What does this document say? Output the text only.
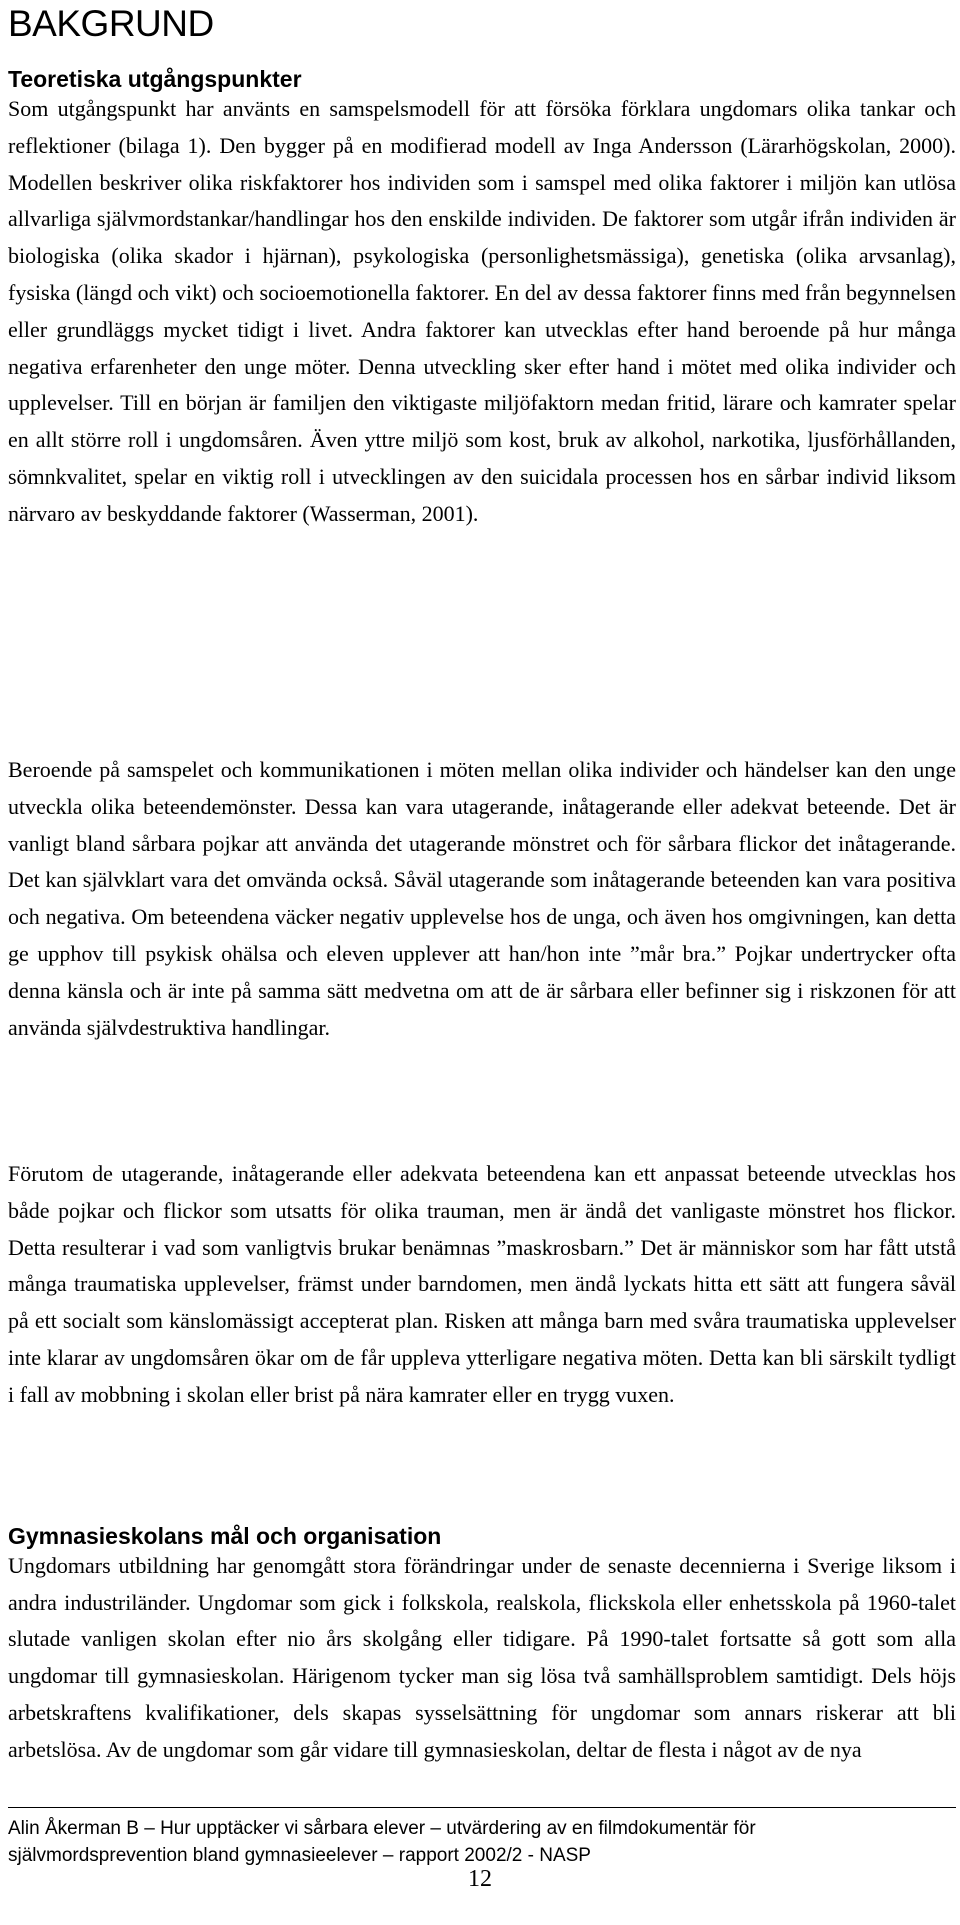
BAKGRUND
Teoretiska utgångspunkter

Som utgångspunkt har använts en samspelsmodell för att försöka förklara ungdomars olika tankar och reflektioner (bilaga 1). Den bygger på en modifierad modell av Inga Andersson (Lärarhögskolan, 2000). Modellen beskriver olika riskfaktorer hos individen som i samspel med olika faktorer i miljön kan utlösa allvarliga självmordstankar/handlingar hos den enskilde individen. De faktorer som utgår ifrån individen är biologiska (olika skador i hjärnan), psykologiska (personlighetsmässiga), genetiska (olika arvsanlag), fysiska (längd och vikt) och socioemotionella faktorer. En del av dessa faktorer finns med från begynnelsen eller grundläggs mycket tidigt i livet. Andra faktorer kan utvecklas efter hand beroende på hur många negativa erfarenheter den unge möter. Denna utveckling sker efter hand i mötet med olika individer och upplevelser. Till en början är familjen den viktigaste miljöfaktorn medan fritid, lärare och kamrater spelar en allt större roll i ungdomsåren. Även yttre miljö som kost, bruk av alkohol, narkotika, ljusförhållanden, sömnkvalitet, spelar en viktig roll i utvecklingen av den suicidala processen hos en sårbar individ liksom närvaro av beskyddande faktorer (Wasserman, 2001).

Beroende på samspelet och kommunikationen i möten mellan olika individer och händelser kan den unge utveckla olika beteendemönster. Dessa kan vara utagerande, inåtagerande eller adekvat beteende. Det är vanligt bland sårbara pojkar att använda det utagerande mönstret och för sårbara flickor det inåtagerande. Det kan självklart vara det omvända också. Såväl utagerande som inåtagerande beteenden kan vara positiva och negativa. Om beteendena väcker negativ upplevelse hos de unga, och även hos omgivningen, kan detta ge upphov till psykisk ohälsa och eleven upplever att han/hon inte ”mår bra.” Pojkar undertrycker ofta denna känsla och är inte på samma sätt medvetna om att de är sårbara eller befinner sig i riskzonen för att använda självdestruktiva handlingar.

Förutom de utagerande, inåtagerande eller adekvata beteendena kan ett anpassat beteende utvecklas hos både pojkar och flickor som utsatts för olika trauman, men är ändå det vanligaste mönstret hos flickor. Detta resulterar i vad som vanligtvis brukar benämnas ”maskrosbarn.” Det är människor som har fått utstå många traumatiska upplevelser, främst under barndomen, men ändå lyckats hitta ett sätt att fungera såväl på ett socialt som känslomässigt accepterat plan. Risken att många barn med svåra traumatiska upplevelser inte klarar av ungdomsåren ökar om de får uppleva ytterligare negativa möten. Detta kan bli särskilt tydligt i fall av mobbning i skolan eller brist på nära kamrater eller en trygg vuxen.

Gymnasieskolans mål och organisation

Ungdomars utbildning har genomgått stora förändringar under de senaste decennierna i Sverige liksom i andra industriländer. Ungdomar som gick i folkskola, realskola, flickskola eller enhetsskola på 1960-talet slutade vanligen skolan efter nio års skolgång eller tidigare. På 1990-talet fortsatte så gott som alla ungdomar till gymnasieskolan. Härigenom tycker man sig lösa två samhällsproblem samtidigt. Dels höjs arbetskraftens kvalifikationer, dels skapas sysselsättning för ungdomar som annars riskerar att bli arbetslösa. Av de ungdomar som går vidare till gymnasieskolan, deltar de flesta i något av de nya

Alin Åkerman B – Hur upptäcker vi sårbara elever – utvärdering av en filmdokumentär för
självmordsprevention bland gymnasieelever – rapport 2002/2 - NASP
12
